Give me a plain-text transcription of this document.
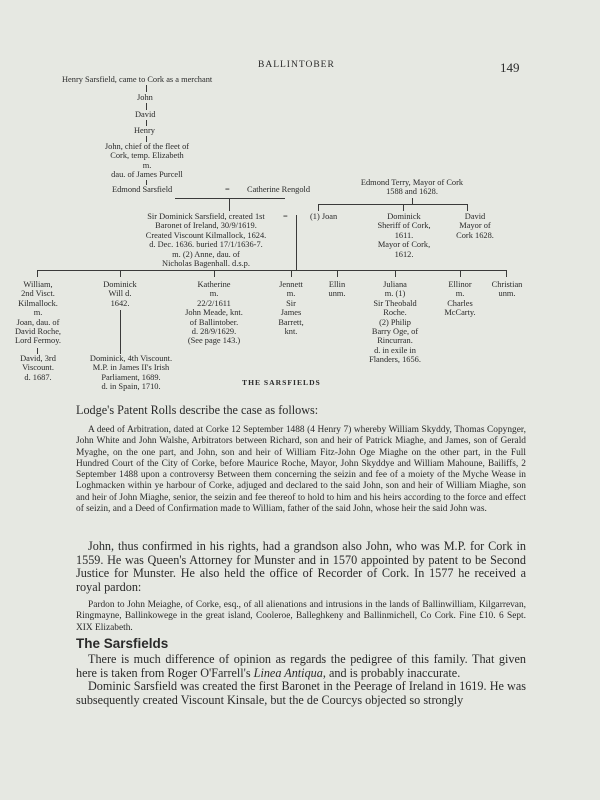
BALLINTOBER	149
Henry Sarsfield, came to Cork as a merchant
John
David
Henry
John, chief of the fleet of
Cork, temp. Elizabeth
m.
dau. of James Purcell
Edmond Sarsfield	= Catherine Rengold
Edmond Terry, Mayor of Cork
1588 and 1628.
Sir Dominick Sarsfield, created 1st
Baronet of Ireland, 30/9/1619.
Created Viscount Kilmallock, 1624.
d. Dec. 1636. buried 17/1/1636-7.
m. (2) Anne, dau. of
Nicholas Bagenhall. d.s.p.
=	(1) Joan	Dominick
Sheriff of Cork,
1611.
Mayor of Cork,
1612.
David
Mayor of
Cork 1628.
William,
2nd Visct.
Kilmallock.
m.
Joan, dau. of
David Roche,
Lord Fermoy.
David, 3rd
Viscount.
d. 1687.
Dominick
Will d.
1642.
Dominick, 4th Viscount.
M.P. in James II's Irish
Parliament, 1689.
d. in Spain, 1710.
Katherine
m.
22/2/1611
John Meade, knt.
of Ballintober.
d. 28/9/1629.
(See page 143.)
Jennett
m.
Sir
James
Barrett,
knt.
Ellin
unm.
Juliana
m. (1)
Sir Theobald
Roche.
(2) Philip
Barry Oge, of
Rincurran.
d. in exile in
Flanders, 1656.
Ellinor
m.
Charles
McCarty.
Christian
unm.
THE SARSFIELDS
Lodge's Patent Rolls describe the case as follows:

A deed of Arbitration, dated at Corke 12 September 1488 (4 Henry 7) whereby William Skyddy, Thomas Copynger, John White and John Walshe, Arbitrators between Richard, son and heir of Patrick Miaghe, and James, son of Gerald Myaghe, on the one part, and John, son and heir of William Fitz-John Oge Miaghe on the other part, in the Full Hundred Court of the City of Corke, before Maurice Roche, Mayor, John Skyddye and William Mahoune, Bailiffs, 2 September 1488 upon a controversy Between them concerning the seizin and fee of a moiety of the Myche Wease in Loghmacken within ye harbour of Corke, adjuged and declared to the said John, son and heir of William Miaghe, son and heir of John Miaghe, senior, the seizin and fee thereof to hold to him and his heirs according to the force and effect of seizin, and a Deed of Confirmation made to William, father of the said John, whose heir the said John was.

John, thus confirmed in his rights, had a grandson also John, who was M.P. for Cork in 1559. He was Queen's Attorney for Munster and in 1570 appointed by patent to be Second Justice for Munster. He also held the office of Recorder of Cork. In 1577 he received a royal pardon:

Pardon to John Meiaghe, of Corke, esq., of all alienations and intrusions in the lands of Ballinwilliam, Kilgarrevan, Ringmayne, Ballinkowege in the great island, Cooleroe, Balleghkeny and Ballinmichell, Co Cork. Fine £10. 6 Sept. XIX Elizabeth.

The Sarsfields

There is much difference of opinion as regards the pedigree of this family. That given here is taken from Roger O'Farrell's Linea Antiqua, and is probably inaccurate.

Dominic Sarsfield was created the first Baronet in the Peerage of Ireland in 1619. He was subsequently created Viscount Kinsale, but the de Courcys objected so strongly
